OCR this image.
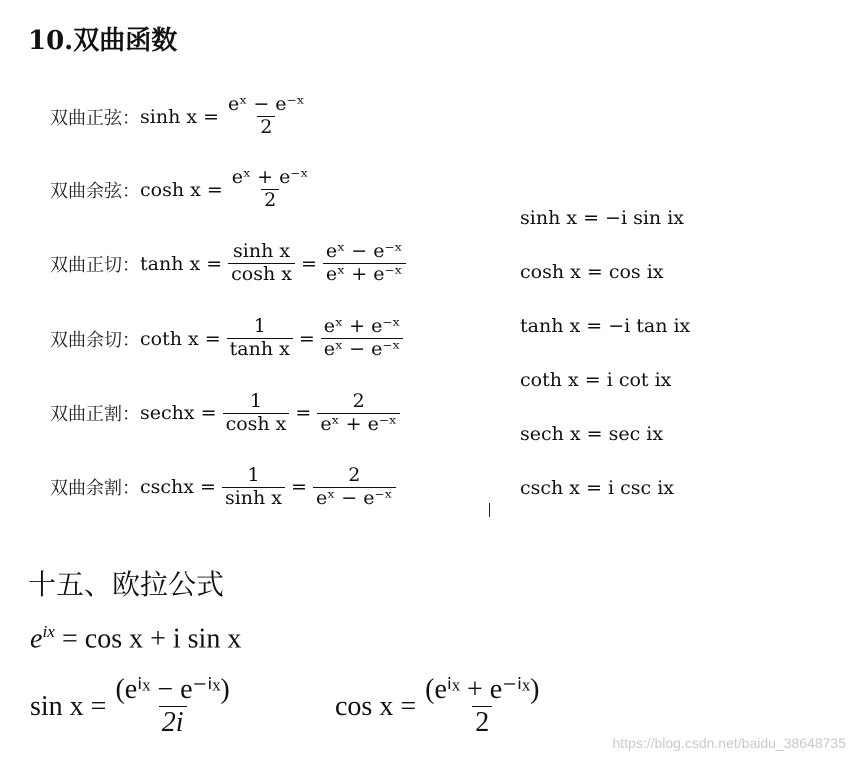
10.双曲函数
双曲正弦： $\sinh x = \frac{\text{eˣ − e⁻ˣ}}{2}$
双曲余弦： $\cosh x = \frac{\text{eˣ + e⁻ˣ}}{2}$
双曲正切： $\tanh x = \frac{\text{sinh x}}{\text{cosh x}} = \frac{\text{eˣ − e⁻ˣ}}{\text{eˣ + e⁻ˣ}}$
双曲余切： coth $x = \frac{1}{\text{tanh x}} = \frac{\text{eˣ + e⁻ˣ}}{\text{eˣ − e⁻ˣ}}$
双曲正割： sechx = $\frac{1}{\text{cosh x}} = \frac{2}{\text{eˣ + e⁻ˣ}}$
双曲余割： cschx = $\frac{1}{\text{sinh x}} = \frac{2}{\text{eˣ − e⁻ˣ}}$
sinh x = −i sin ix
cosh x = cos ix
tanh x = −i tan ix
coth x = i cot ix
sech x = sec ix
csch x = i csc ix
十五、欧拉公式
$e^{ix} = \cos x + i$ sin x
$\sin x = \frac{\text{(eⁱˣ − e⁻ⁱˣ)}}{2i}$	$\cos x = \frac{\text{(eⁱˣ + e⁻ⁱˣ)}}{2}$
https://blog.csdn.net/baidu_38648735
